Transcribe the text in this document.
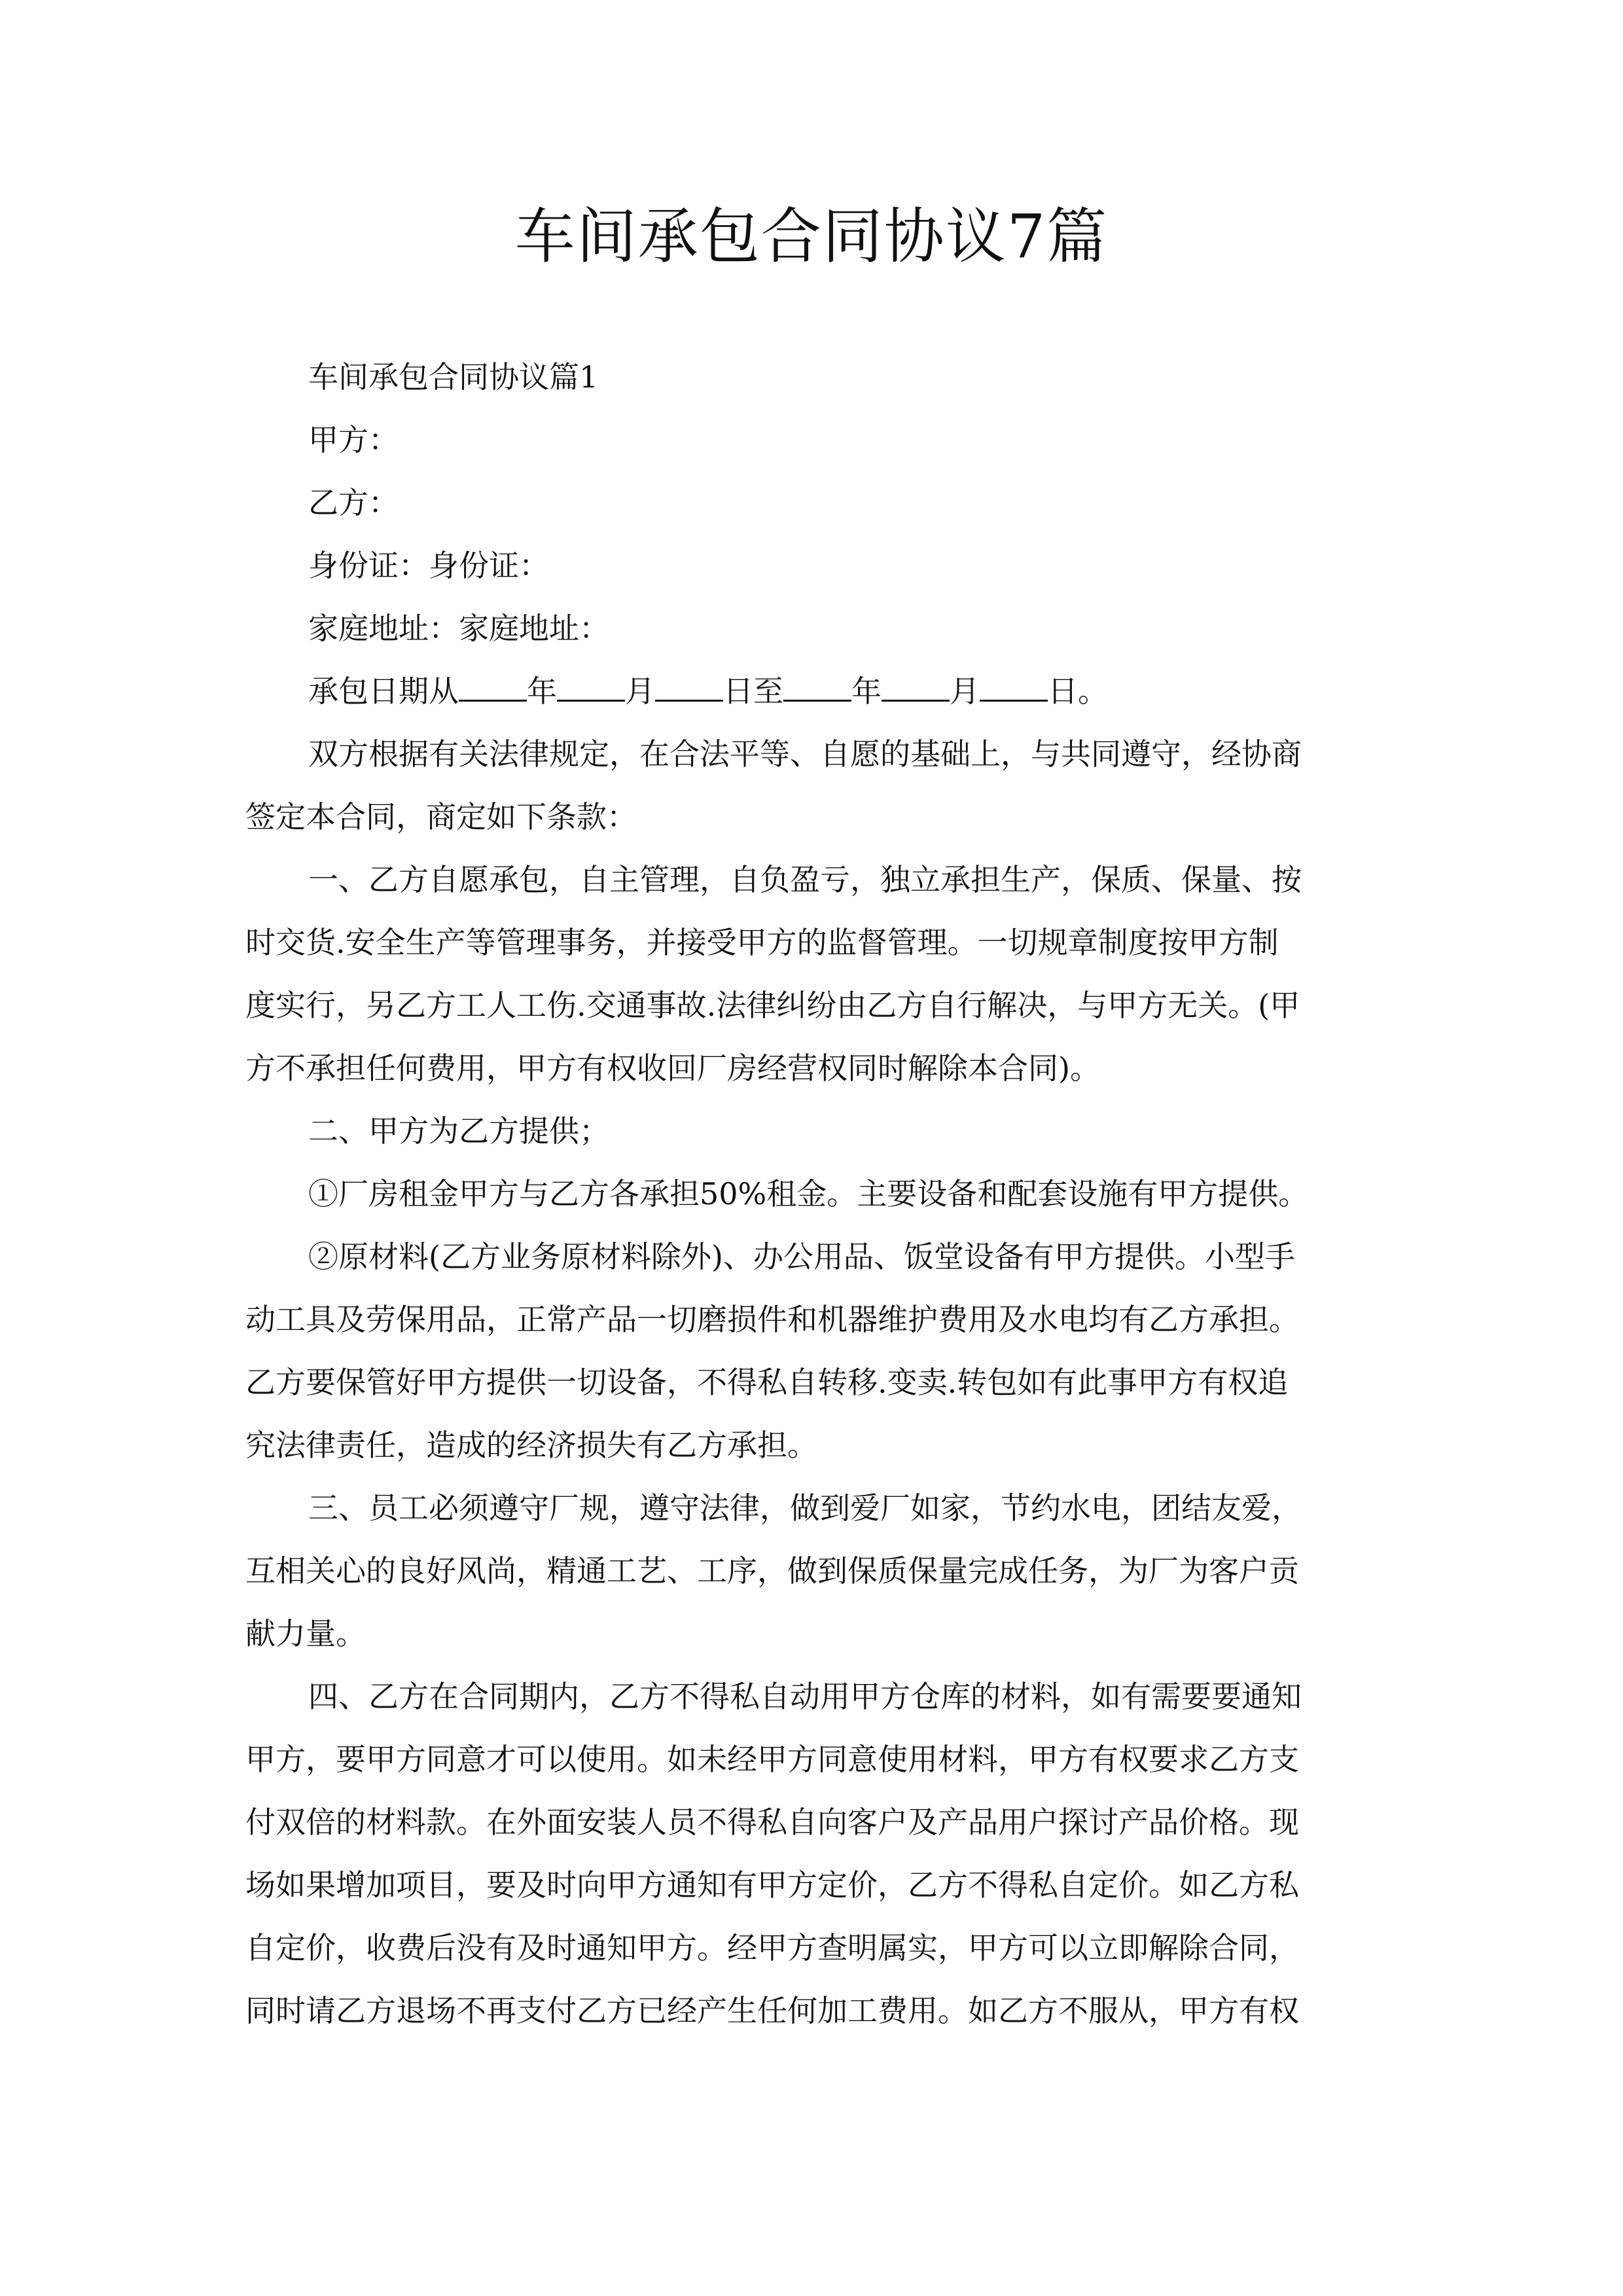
车间承包合同协议7篇
车间承包合同协议篇1
甲方：
乙方：
身份证：身份证：
家庭地址：家庭地址：
承包日期从 年 月 日至 年 月 日。
双方根据有关法律规定，在合法平等、自愿的基础上，与共同遵守，经协商
签定本合同，商定如下条款：
一、乙方自愿承包，自主管理，自负盈亏，独立承担生产，保质、保量、按
时交货.安全生产等管理事务，并接受甲方的监督管理。一切规章制度按甲方制
度实行，另乙方工人工伤.交通事故.法律纠纷由乙方自行解决，与甲方无关。(甲
方不承担任何费用，甲方有权收回厂房经营权同时解除本合同)。
二、甲方为乙方提供；
①厂房租金甲方与乙方各承担50%租金。主要设备和配套设施有甲方提供。
②原材料(乙方业务原材料除外)、办公用品、饭堂设备有甲方提供。小型手
动工具及劳保用品，正常产品一切磨损件和机器维护费用及水电均有乙方承担。
乙方要保管好甲方提供一切设备，不得私自转移.变卖.转包如有此事甲方有权追
究法律责任，造成的经济损失有乙方承担。
三、员工必须遵守厂规，遵守法律，做到爱厂如家，节约水电，团结友爱，
互相关心的良好风尚，精通工艺、工序，做到保质保量完成任务，为厂为客户贡
献力量。
四、乙方在合同期内，乙方不得私自动用甲方仓库的材料，如有需要要通知
甲方，要甲方同意才可以使用。如未经甲方同意使用材料，甲方有权要求乙方支
付双倍的材料款。在外面安装人员不得私自向客户及产品用户探讨产品价格。现
场如果增加项目，要及时向甲方通知有甲方定价，乙方不得私自定价。如乙方私
自定价，收费后没有及时通知甲方。经甲方查明属实，甲方可以立即解除合同，
同时请乙方退场不再支付乙方已经产生任何加工费用。如乙方不服从，甲方有权
